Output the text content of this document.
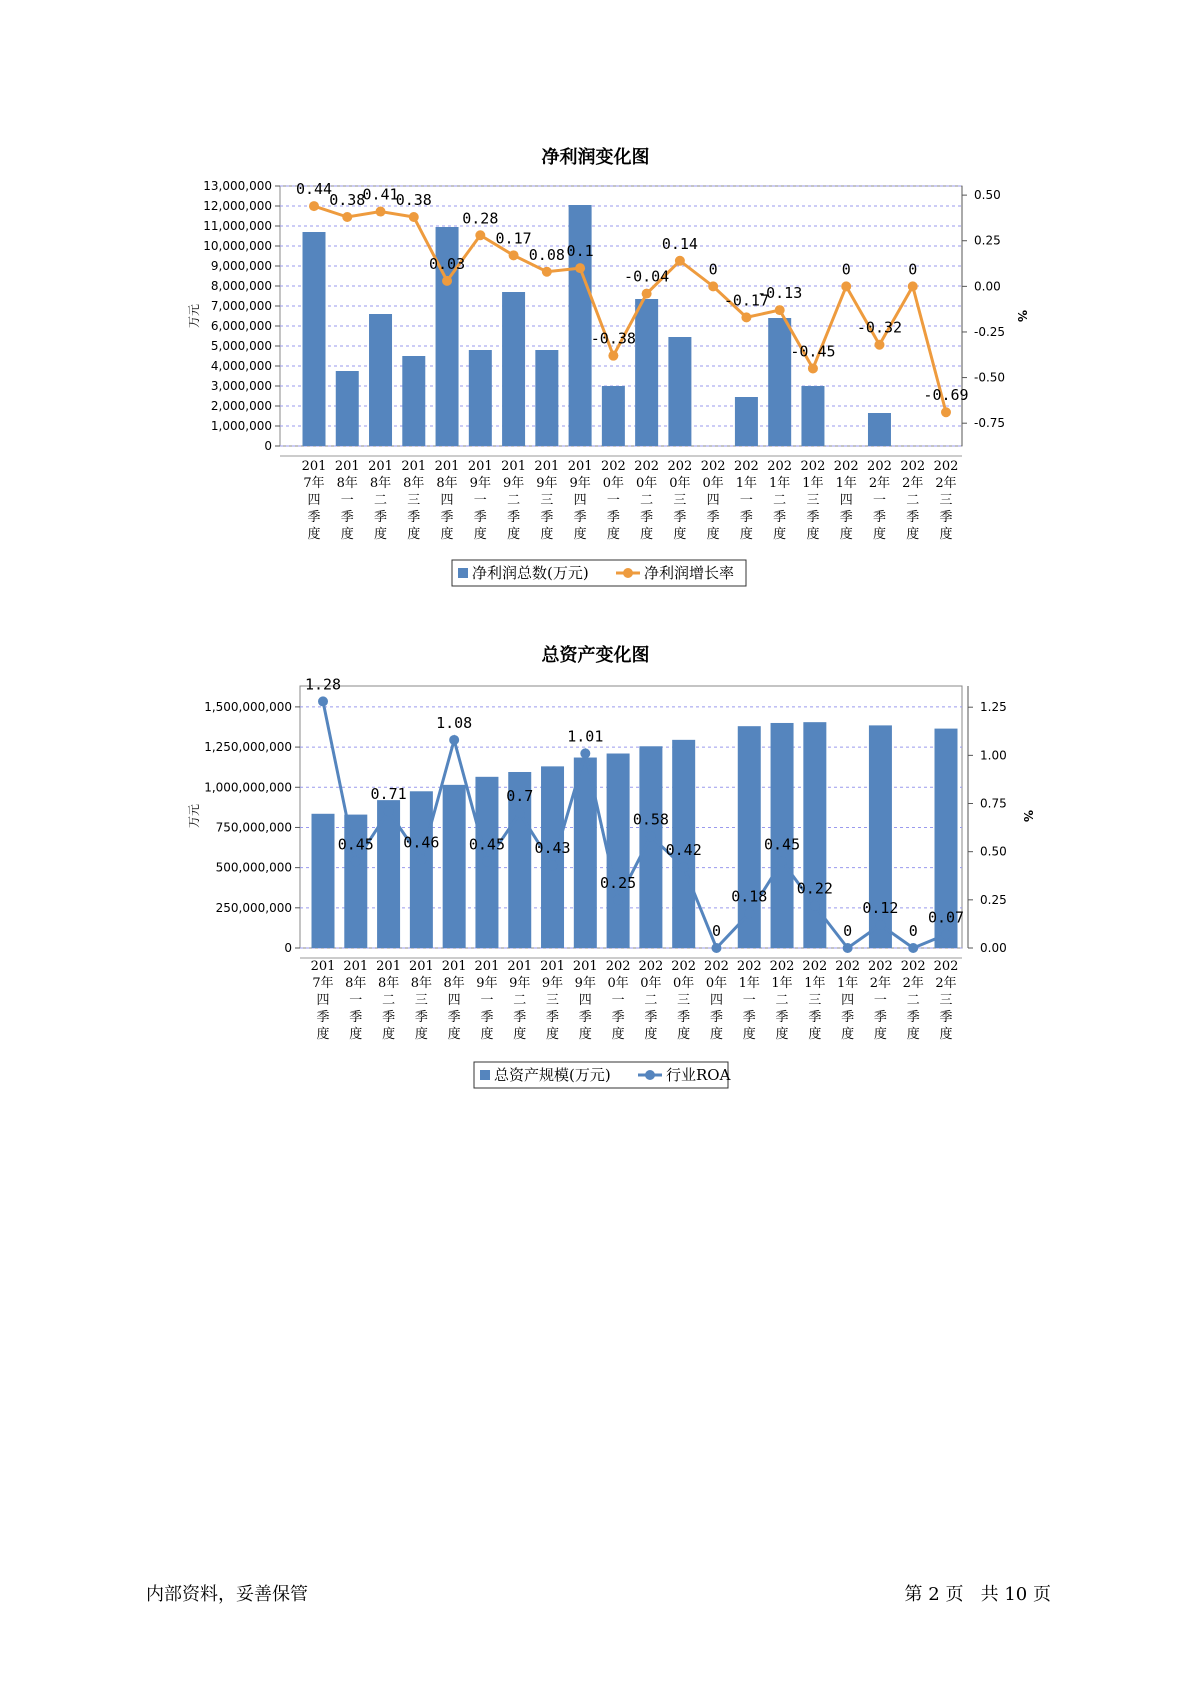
净利润变化图
总资产变化图
0
1,000,000
2,000,000
3,000,000
4,000,000
5,000,000
6,000,000
7,000,000
8,000,000
9,000,000
10,000,000
11,000,000
12,000,000
13,000,000
-0.75
-0.50
-0.25
0.00
0.25
0.50
万元	%
0.44
0.38
0.41
0.38
0.03
0.28
0.17
0.08 0.1
-0.38
-0.04
0.14
0
-0.17
-0.13
-0.45
0
-0.32
0
-0.69
201
7年
四
季
度
201
8年
一
季
度
201
8年
二
季
度
201
8年
三
季
度
201
8年
四
季
度
201
9年
一
季
度
201
9年
二
季
度
201
9年
三
季
度
201
9年
四
季
度
202
0年
一
季
度
202
0年
二
季
度
202
0年
三
季
度
202
0年
四
季
度
202
1年
一
季
度
202
1年
二
季
度
202
1年
三
季
度
202
1年
四
季
度
202
2年
一
季
度
202
2年
二
季
度
202
2年
三
季
度
净利润总数(万元)	净利润增长率
0
250,000,000
500,000,000
750,000,000
1,000,000,000
1,250,000,000
1,500,000,000
0.00
0.25
0.50
0.75
1.00
1.25
万元	%
1.28
0.45
0.71
0.46
1.08
0.45
0.7
0.43
1.01
0.25
0.58
0.42
0
0.18
0.45
0.22
0
0.12
0
0.07
201
7年
四
季
度
201
8年
一
季
度
201
8年
二
季
度
201
8年
三
季
度
201
8年
四
季
度
201
9年
一
季
度
201
9年
二
季
度
201
9年
三
季
度
201
9年
四
季
度
202
0年
一
季
度
202
0年
二
季
度
202
0年
三
季
度
202
0年
四
季
度
202
1年
一
季
度
202
1年
二
季
度
202
1年
三
季
度
202
1年
四
季
度
202
2年
一
季
度
202
2年
二
季
度
202
2年
三
季
度
总资产规模(万元)	行业ROA
内部资料，妥善保管	第 2 页 共 10 页
